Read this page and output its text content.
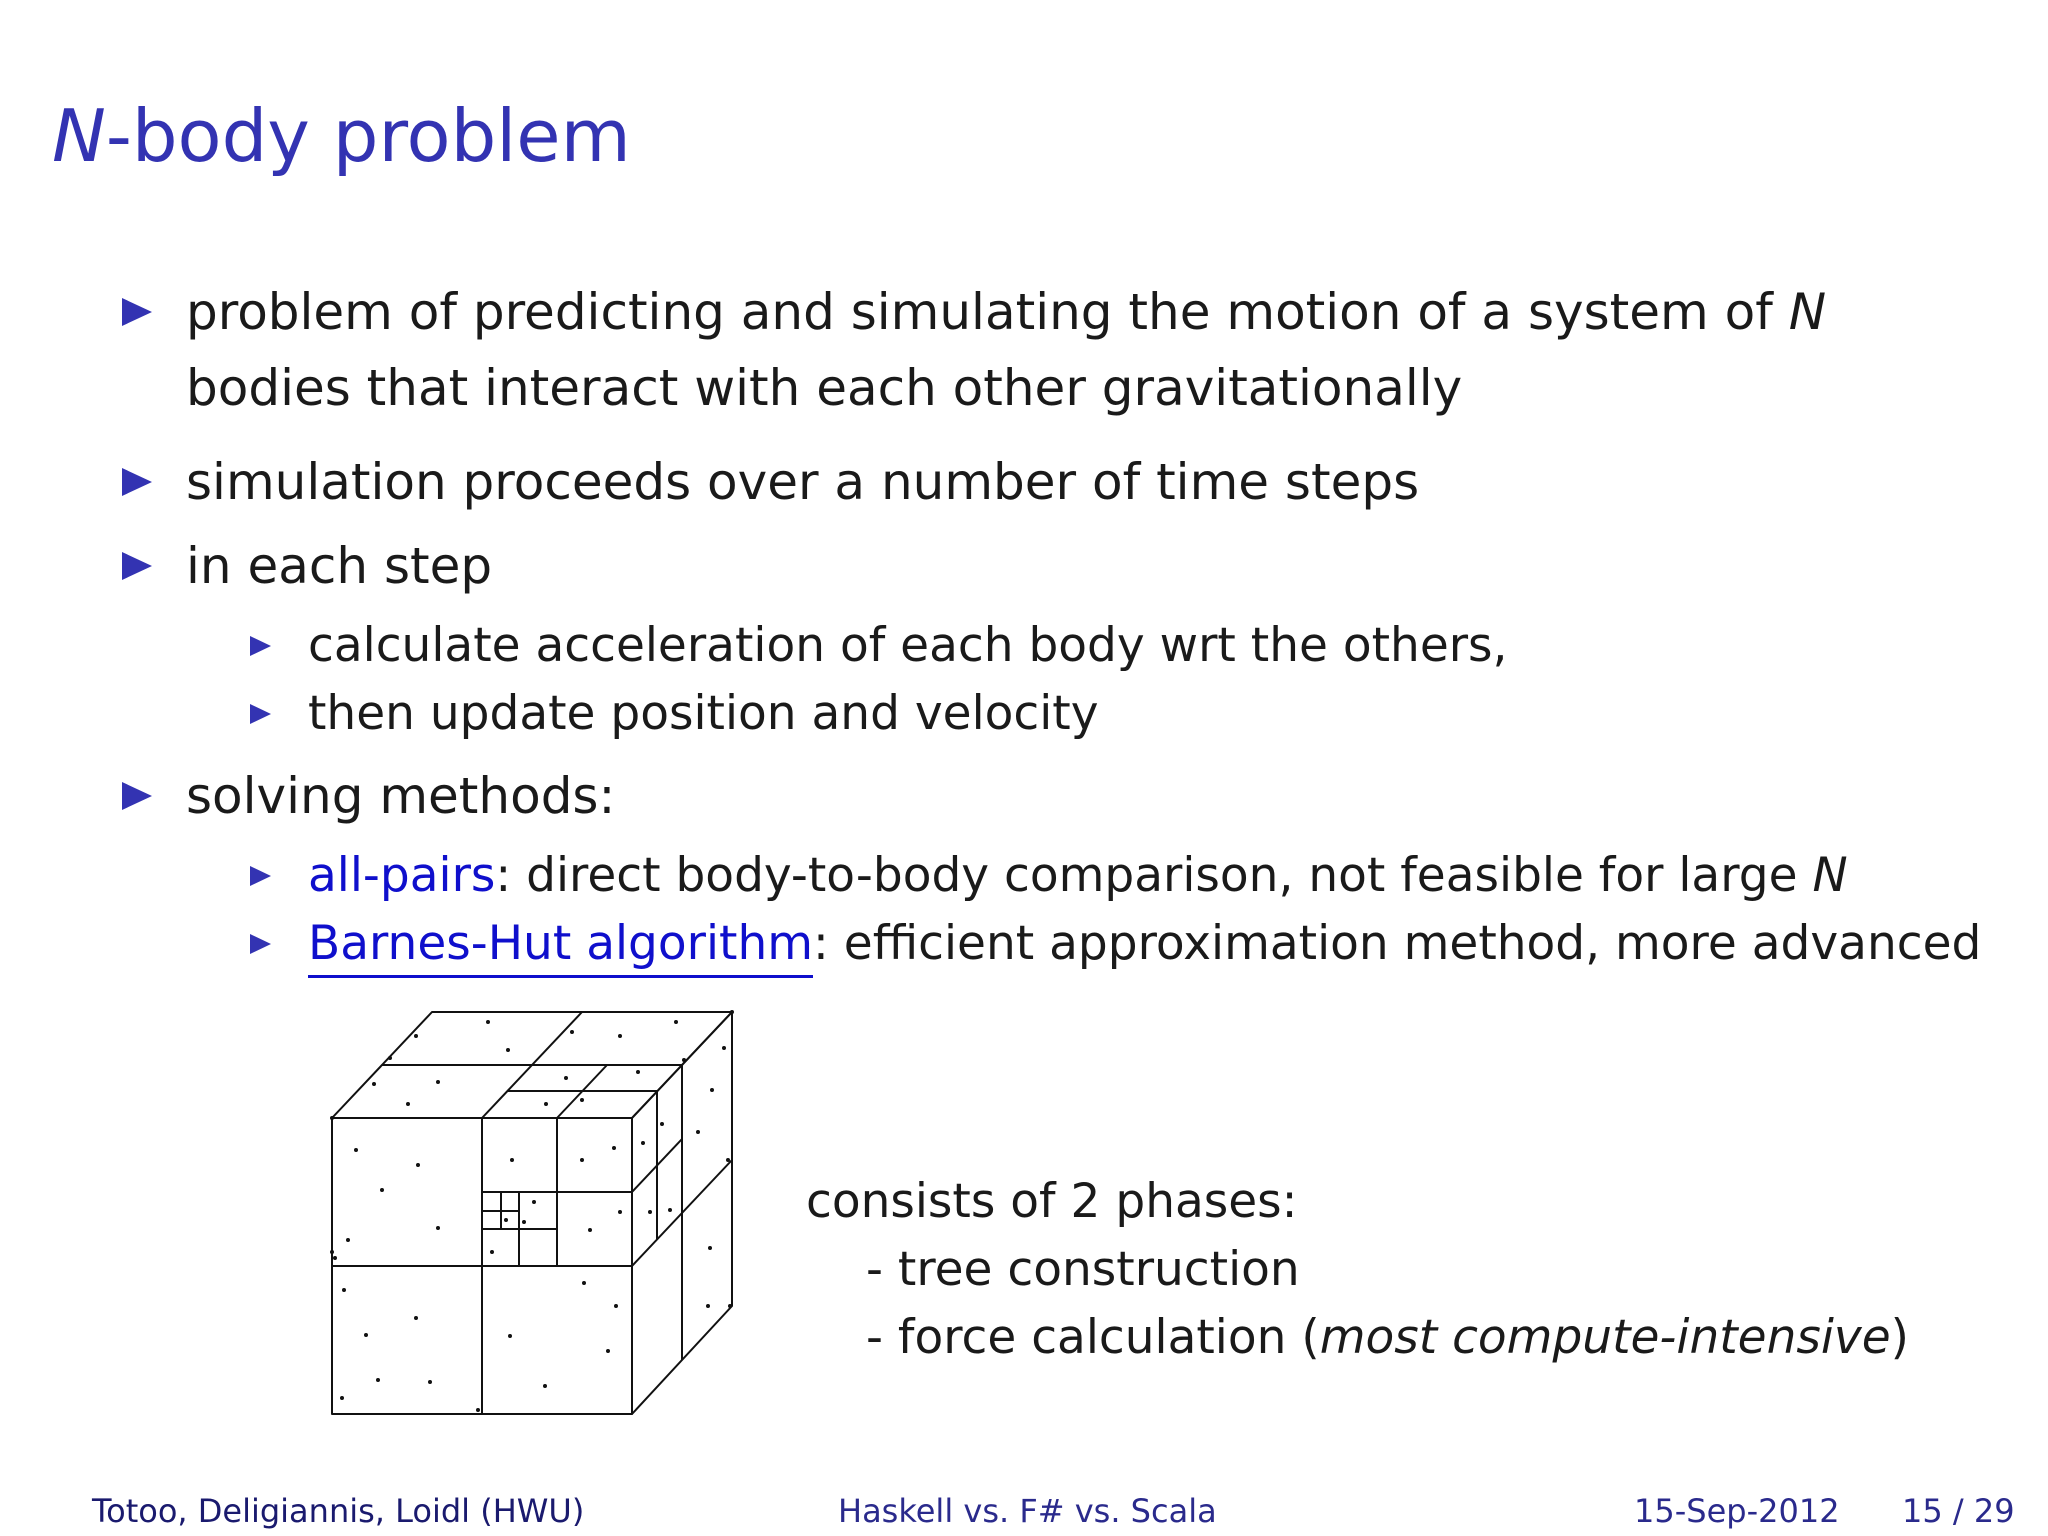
N-body problem
problem of predicting and simulating the motion of a system of N
bodies that interact with each other gravitationally
simulation proceeds over a number of time steps
in each step
calculate acceleration of each body wrt the others,
then update position and velocity
solving methods:
all-pairs: direct body-to-body comparison, not feasible for large N
Barnes-Hut algorithm: efficient approximation method, more advanced
consists of 2 phases:
- tree construction
- force calculation (most compute-intensive)
Totoo, Deligiannis, Loidl (HWU)	Haskell vs. F# vs. Scala	15-Sep-2012 15 / 29
